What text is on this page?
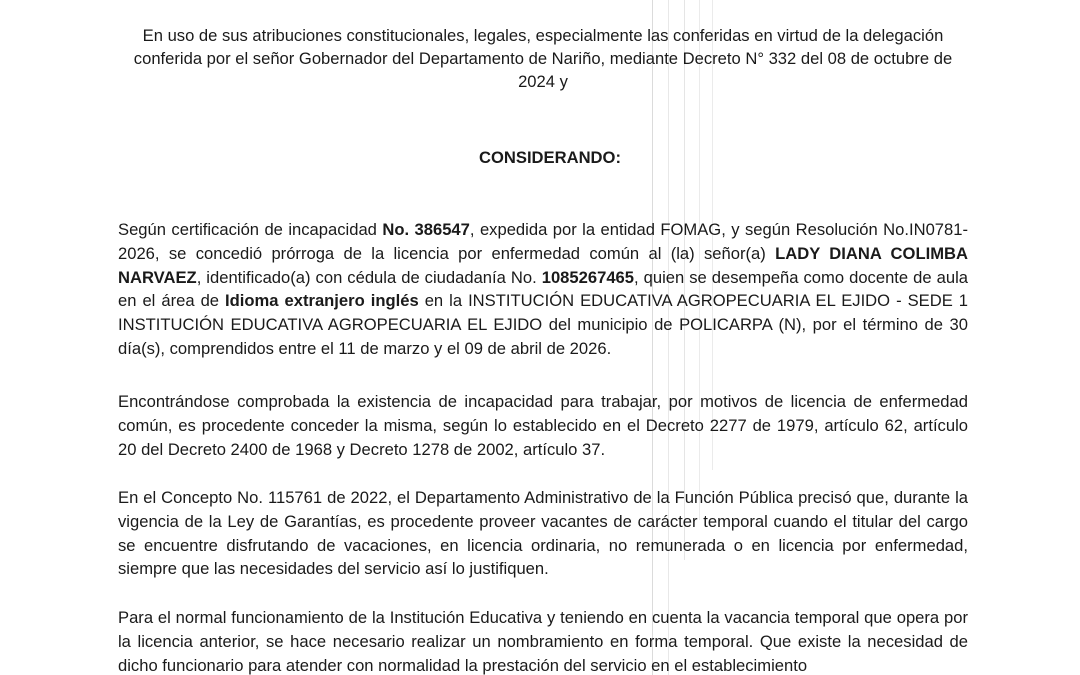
En uso de sus atribuciones constitucionales, legales, especialmente las conferidas en virtud de la delegación conferida por el señor Gobernador del Departamento de Nariño, mediante Decreto N° 332 del 08 de octubre de 2024 y

CONSIDERANDO:

Según certificación de incapacidad No. 386547, expedida por la entidad FOMAG, y según Resolución No.IN0781-2026, se concedió prórroga de la licencia por enfermedad común al (la) señor(a) LADY DIANA COLIMBA NARVAEZ, identificado(a) con cédula de ciudadanía No. 1085267465, quien se desempeña como docente de aula en el área de Idioma extranjero inglés en la INSTITUCIÓN EDUCATIVA AGROPECUARIA EL EJIDO - SEDE 1 INSTITUCIÓN EDUCATIVA AGROPECUARIA EL EJIDO del municipio de POLICARPA (N), por el término de 30 día(s), comprendidos entre el 11 de marzo y el 09 de abril de 2026.

Encontrándose comprobada la existencia de incapacidad para trabajar, por motivos de licencia de enfermedad común, es procedente conceder la misma, según lo establecido en el Decreto 2277 de 1979, artículo 62, artículo 20 del Decreto 2400 de 1968 y Decreto 1278 de 2002, artículo 37.

En el Concepto No. 115761 de 2022, el Departamento Administrativo de la Función Pública precisó que, durante la vigencia de la Ley de Garantías, es procedente proveer vacantes de carácter temporal cuando el titular del cargo se encuentre disfrutando de vacaciones, en licencia ordinaria, no remunerada o en licencia por enfermedad, siempre que las necesidades del servicio así lo justifiquen.

Para el normal funcionamiento de la Institución Educativa y teniendo en cuenta la vacancia temporal que opera por la licencia anterior, se hace necesario realizar un nombramiento en forma temporal. Que existe la necesidad de dicho funcionario para atender con normalidad la prestación del servicio en el establecimiento
